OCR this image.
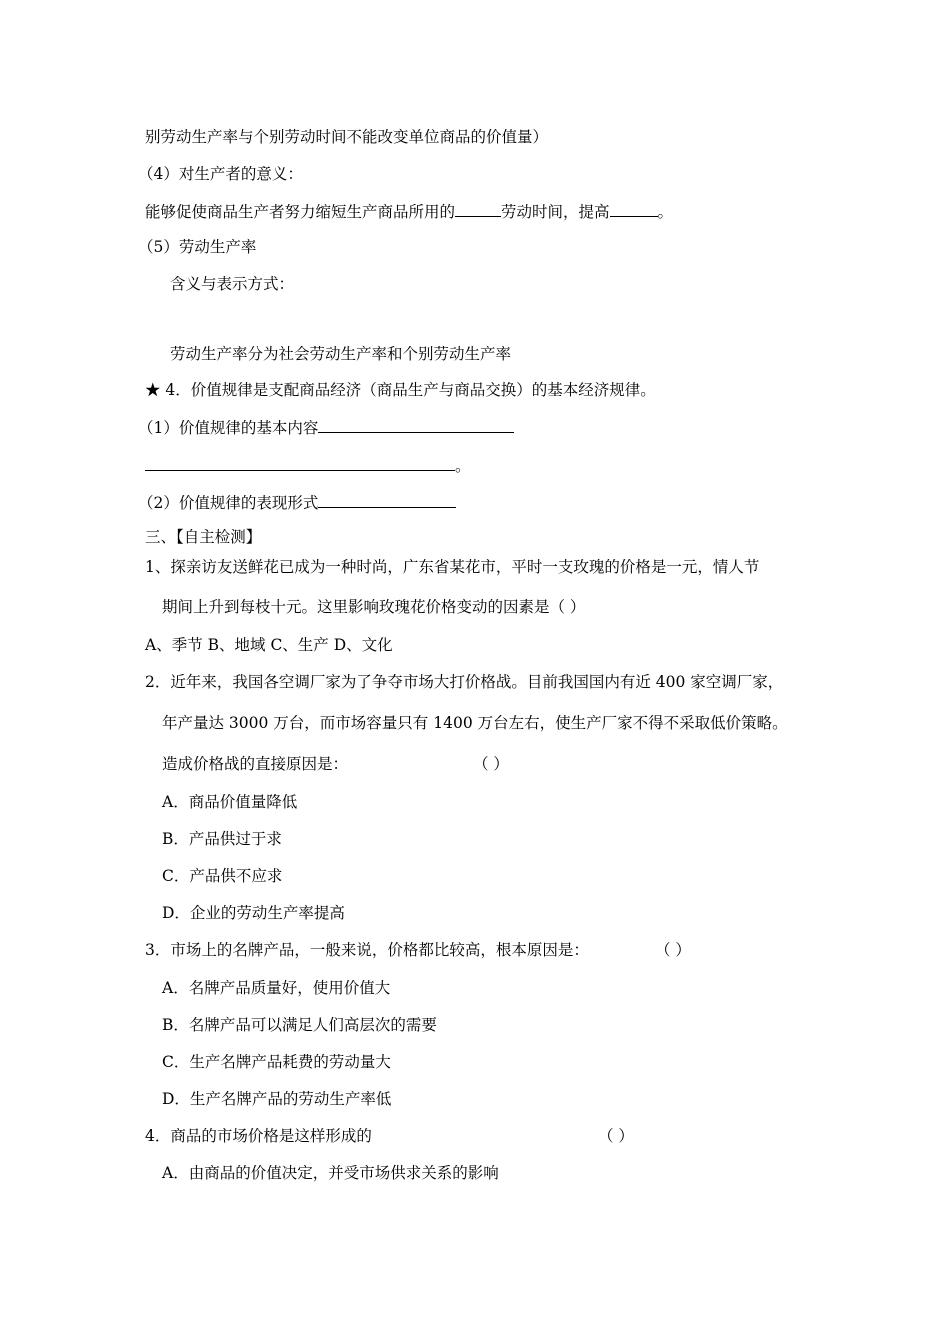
别劳动生产率与个别劳动时间不能改变单位商品的价值量）
（4）对生产者的意义：
能够促使商品生产者努力缩短生产商品所用的	劳动时间，提高	。
（5）劳动生产率
含义与表示方式：
劳动生产率分为社会劳动生产率和个别劳动生产率
★ 4．价值规律是支配商品经济（商品生产与商品交换）的基本经济规律。
（1）价值规律的基本内容
。
（2）价值规律的表现形式
三、【自主检测】
1、探亲访友送鲜花已成为一种时尚，广东省某花市，平时一支玫瑰的价格是一元，情人节
期间上升到每枝十元。这里影响玫瑰花价格变动的因素是（ ）
A、季节 B、地域 C、生产 D、文化
2．近年来，我国各空调厂家为了争夺市场大打价格战。目前我国国内有近 400 家空调厂家，
年产量达 3000 万台，而市场容量只有 1400 万台左右，使生产厂家不得不采取低价策略。
造成价格战的直接原因是：	（ ）
A．商品价值量降低
B．产品供过于求
C．产品供不应求
D．企业的劳动生产率提高
3．市场上的名牌产品，一般来说，价格都比较高，根本原因是：	（ ）
A．名牌产品质量好，使用价值大
B．名牌产品可以满足人们高层次的需要
C．生产名牌产品耗费的劳动量大
D．生产名牌产品的劳动生产率低
4．商品的市场价格是这样形成的	（ ）
A．由商品的价值决定，并受市场供求关系的影响
